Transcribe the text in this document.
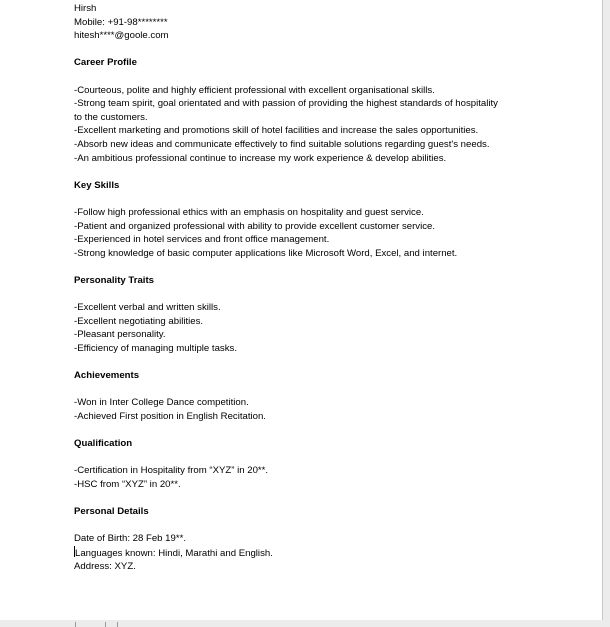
Hirsh

Mobile: +91-98********

hitesh****@goole.com

Career Profile

-Courteous, polite and highly efficient professional with excellent organisational skills.

-Strong team spirit, goal orientated and with passion of providing the highest standards of hospitality

to the customers.

-Excellent marketing and promotions skill of hotel facilities and increase the sales opportunities.

-Absorb new ideas and communicate effectively to find suitable solutions regarding guest's needs.

-An ambitious professional continue to increase my work experience & develop abilities.

Key Skills

-Follow high professional ethics with an emphasis on hospitality and guest service.

-Patient and organized professional with ability to provide excellent customer service.

-Experienced in hotel services and front office management.

-Strong knowledge of basic computer applications like Microsoft Word, Excel, and internet.

Personality Traits

-Excellent verbal and written skills.

-Excellent negotiating abilities.

-Pleasant personality.

-Efficiency of managing multiple tasks.

Achievements

-Won in Inter College Dance competition.

-Achieved First position in English Recitation.

Qualification

-Certification in Hospitality from “XYZ” in 20**.

-HSC from “XYZ” in 20**.

Personal Details

Date of Birth: 28 Feb 19**.

Languages known: Hindi, Marathi and English.

Address: XYZ.
